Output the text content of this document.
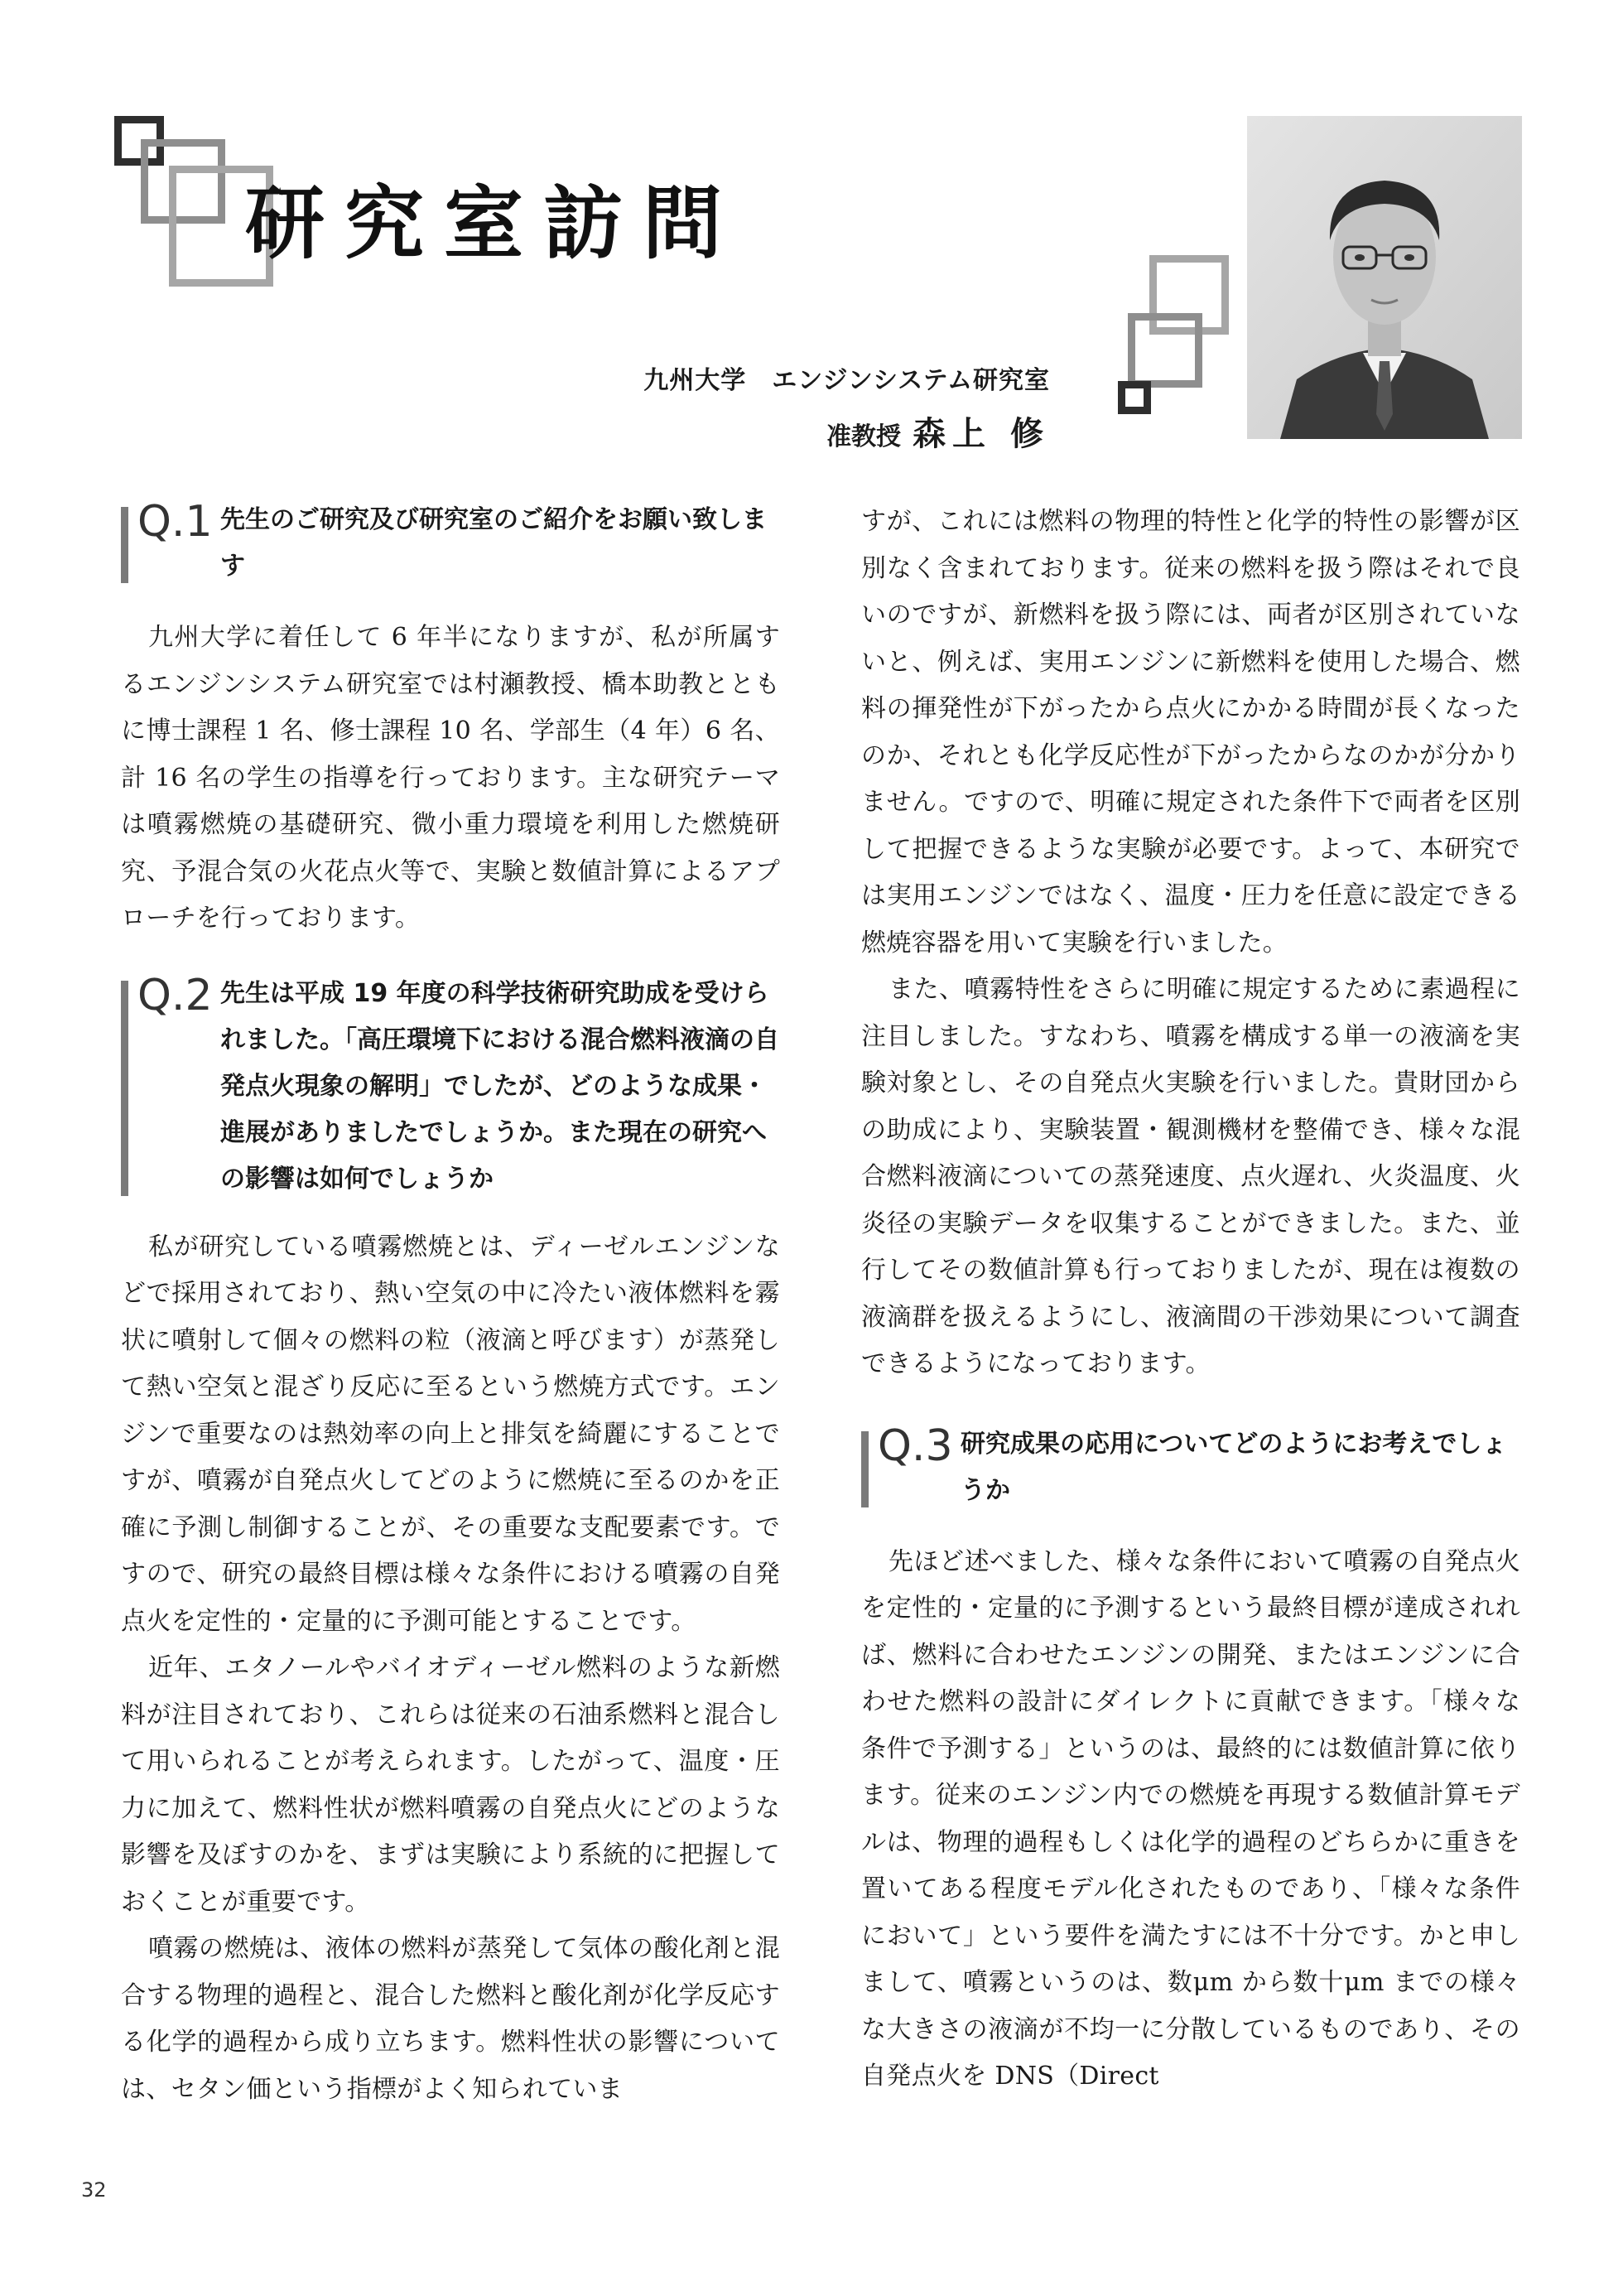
研究室訪問
九州大学　エンジンシステム研究室
准教授 森上 修
Q.1 先生のご研究及び研究室のご紹介をお願い致します

九州大学に着任して 6 年半になりますが、私が所属するエンジンシステム研究室では村瀬教授、橋本助教とともに博士課程 1 名、修士課程 10 名、学部生（4 年）6 名、計 16 名の学生の指導を行っております。主な研究テーマは噴霧燃焼の基礎研究、微小重力環境を利用した燃焼研究、予混合気の火花点火等で、実験と数値計算によるアプローチを行っております。

Q.2 先生は平成 19 年度の科学技術研究助成を受けられました。「高圧環境下における混合燃料液滴の自発点火現象の解明」でしたが、どのような成果・進展がありましたでしょうか。また現在の研究への影響は如何でしょうか

私が研究している噴霧燃焼とは、ディーゼルエンジンなどで採用されており、熱い空気の中に冷たい液体燃料を霧状に噴射して個々の燃料の粒（液滴と呼びます）が蒸発して熱い空気と混ざり反応に至るという燃焼方式です。エンジンで重要なのは熱効率の向上と排気を綺麗にすることですが、噴霧が自発点火してどのように燃焼に至るのかを正確に予測し制御することが、その重要な支配要素です。ですので、研究の最終目標は様々な条件における噴霧の自発点火を定性的・定量的に予測可能とすることです。

近年、エタノールやバイオディーゼル燃料のような新燃料が注目されており、これらは従来の石油系燃料と混合して用いられることが考えられます。したがって、温度・圧力に加えて、燃料性状が燃料噴霧の自発点火にどのような影響を及ぼすのかを、まずは実験により系統的に把握しておくことが重要です。

噴霧の燃焼は、液体の燃料が蒸発して気体の酸化剤と混合する物理的過程と、混合した燃料と酸化剤が化学反応する化学的過程から成り立ちます。燃料性状の影響については、セタン価という指標がよく知られていま

すが、これには燃料の物理的特性と化学的特性の影響が区別なく含まれております。従来の燃料を扱う際はそれで良いのですが、新燃料を扱う際には、両者が区別されていないと、例えば、実用エンジンに新燃料を使用した場合、燃料の揮発性が下がったから点火にかかる時間が長くなったのか、それとも化学反応性が下がったからなのかが分かりません。ですので、明確に規定された条件下で両者を区別して把握できるような実験が必要です。よって、本研究では実用エンジンではなく、温度・圧力を任意に設定できる燃焼容器を用いて実験を行いました。

また、噴霧特性をさらに明確に規定するために素過程に注目しました。すなわち、噴霧を構成する単一の液滴を実験対象とし、その自発点火実験を行いました。貴財団からの助成により、実験装置・観測機材を整備でき、様々な混合燃料液滴についての蒸発速度、点火遅れ、火炎温度、火炎径の実験データを収集することができました。また、並行してその数値計算も行っておりましたが、現在は複数の液滴群を扱えるようにし、液滴間の干渉効果について調査できるようになっております。

Q.3 研究成果の応用についてどのようにお考えでしょうか

先ほど述べました、様々な条件において噴霧の自発点火を定性的・定量的に予測するという最終目標が達成されれば、燃料に合わせたエンジンの開発、またはエンジンに合わせた燃料の設計にダイレクトに貢献できます。「様々な条件で予測する」というのは、最終的には数値計算に依ります。従来のエンジン内での燃焼を再現する数値計算モデルは、物理的過程もしくは化学的過程のどちらかに重きを置いてある程度モデル化されたものであり、「様々な条件において」という要件を満たすには不十分です。かと申しまして、噴霧というのは、数μm から数十μm までの様々な大きさの液滴が不均一に分散しているものであり、その自発点火を DNS（Direct

32
